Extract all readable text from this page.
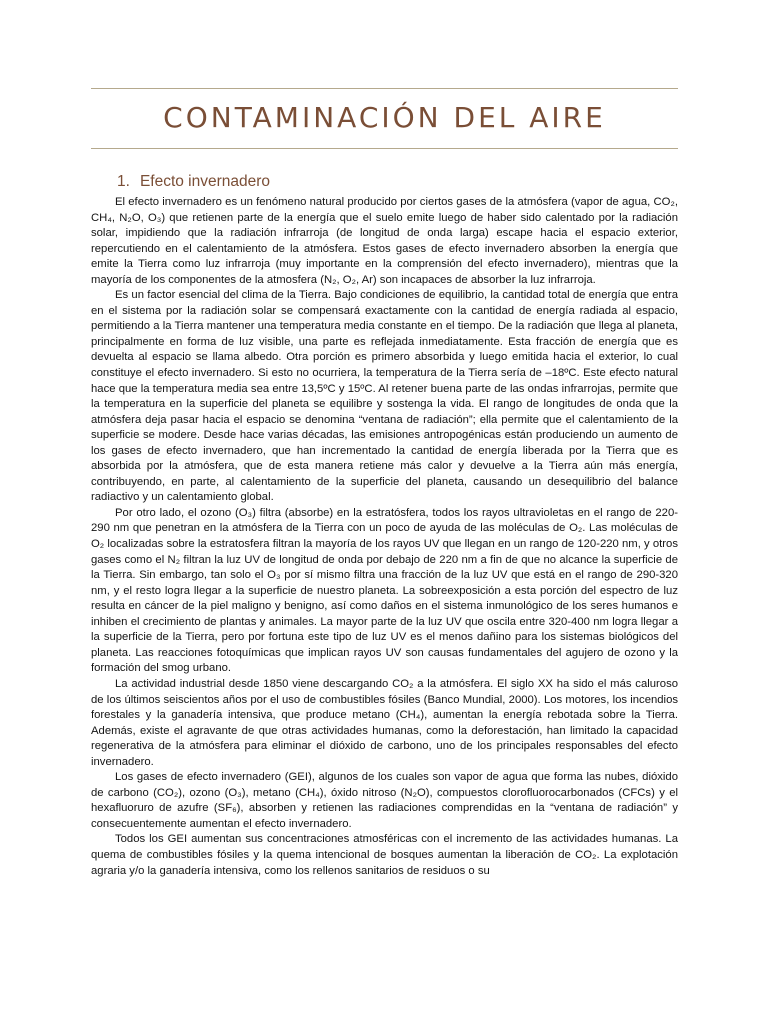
CONTAMINACIÓN DEL AIRE
1. Efecto invernadero

El efecto invernadero es un fenómeno natural producido por ciertos gases de la atmósfera (vapor de agua, CO₂, CH₄, N₂O, O₃) que retienen parte de la energía que el suelo emite luego de haber sido calentado por la radiación solar, impidiendo que la radiación infrarroja (de longitud de onda larga) escape hacia el espacio exterior, repercutiendo en el calentamiento de la atmósfera. Estos gases de efecto invernadero absorben la energía que emite la Tierra como luz infrarroja (muy importante en la comprensión del efecto invernadero), mientras que la mayoría de los componentes de la atmosfera (N₂, O₂, Ar) son incapaces de absorber la luz infrarroja.

Es un factor esencial del clima de la Tierra. Bajo condiciones de equilibrio, la cantidad total de energía que entra en el sistema por la radiación solar se compensará exactamente con la cantidad de energía radiada al espacio, permitiendo a la Tierra mantener una temperatura media constante en el tiempo. De la radiación que llega al planeta, principalmente en forma de luz visible, una parte es reflejada inmediatamente. Esta fracción de energía que es devuelta al espacio se llama albedo. Otra porción es primero absorbida y luego emitida hacia el exterior, lo cual constituye el efecto invernadero. Si esto no ocurriera, la temperatura de la Tierra sería de –18ºC. Este efecto natural hace que la temperatura media sea entre 13,5ºC y 15ºC. Al retener buena parte de las ondas infrarrojas, permite que la temperatura en la superficie del planeta se equilibre y sostenga la vida. El rango de longitudes de onda que la atmósfera deja pasar hacia el espacio se denomina “ventana de radiación”; ella permite que el calentamiento de la superficie se modere. Desde hace varias décadas, las emisiones antropogénicas están produciendo un aumento de los gases de efecto invernadero, que han incrementado la cantidad de energía liberada por la Tierra que es absorbida por la atmósfera, que de esta manera retiene más calor y devuelve a la Tierra aún más energía, contribuyendo, en parte, al calentamiento de la superficie del planeta, causando un desequilibrio del balance radiactivo y un calentamiento global.

Por otro lado, el ozono (O₃) filtra (absorbe) en la estratósfera, todos los rayos ultravioletas en el rango de 220-290 nm que penetran en la atmósfera de la Tierra con un poco de ayuda de las moléculas de O₂. Las moléculas de O₂ localizadas sobre la estratosfera filtran la mayoría de los rayos UV que llegan en un rango de 120-220 nm, y otros gases como el N₂ filtran la luz UV de longitud de onda por debajo de 220 nm a fin de que no alcance la superficie de la Tierra. Sin embargo, tan solo el O₃ por sí mismo filtra una fracción de la luz UV que está en el rango de 290-320 nm, y el resto logra llegar a la superficie de nuestro planeta. La sobreexposición a esta porción del espectro de luz resulta en cáncer de la piel maligno y benigno, así como daños en el sistema inmunológico de los seres humanos e inhiben el crecimiento de plantas y animales. La mayor parte de la luz UV que oscila entre 320-400 nm logra llegar a la superficie de la Tierra, pero por fortuna este tipo de luz UV es el menos dañino para los sistemas biológicos del planeta. Las reacciones fotoquímicas que implican rayos UV son causas fundamentales del agujero de ozono y la formación del smog urbano.

La actividad industrial desde 1850 viene descargando CO₂ a la atmósfera. El siglo XX ha sido el más caluroso de los últimos seiscientos años por el uso de combustibles fósiles (Banco Mundial, 2000). Los motores, los incendios forestales y la ganadería intensiva, que produce metano (CH₄), aumentan la energía rebotada sobre la Tierra. Además, existe el agravante de que otras actividades humanas, como la deforestación, han limitado la capacidad regenerativa de la atmósfera para eliminar el dióxido de carbono, uno de los principales responsables del efecto invernadero.

Los gases de efecto invernadero (GEI), algunos de los cuales son vapor de agua que forma las nubes, dióxido de carbono (CO₂), ozono (O₃), metano (CH₄), óxido nitroso (N₂O), compuestos clorofluorocarbonados (CFCs) y el hexafluoruro de azufre (SF₆), absorben y retienen las radiaciones comprendidas en la “ventana de radiación” y consecuentemente aumentan el efecto invernadero.

Todos los GEI aumentan sus concentraciones atmosféricas con el incremento de las actividades humanas. La quema de combustibles fósiles y la quema intencional de bosques aumentan la liberación de CO₂. La explotación agraria y/o la ganadería intensiva, como los rellenos sanitarios de residuos o su
